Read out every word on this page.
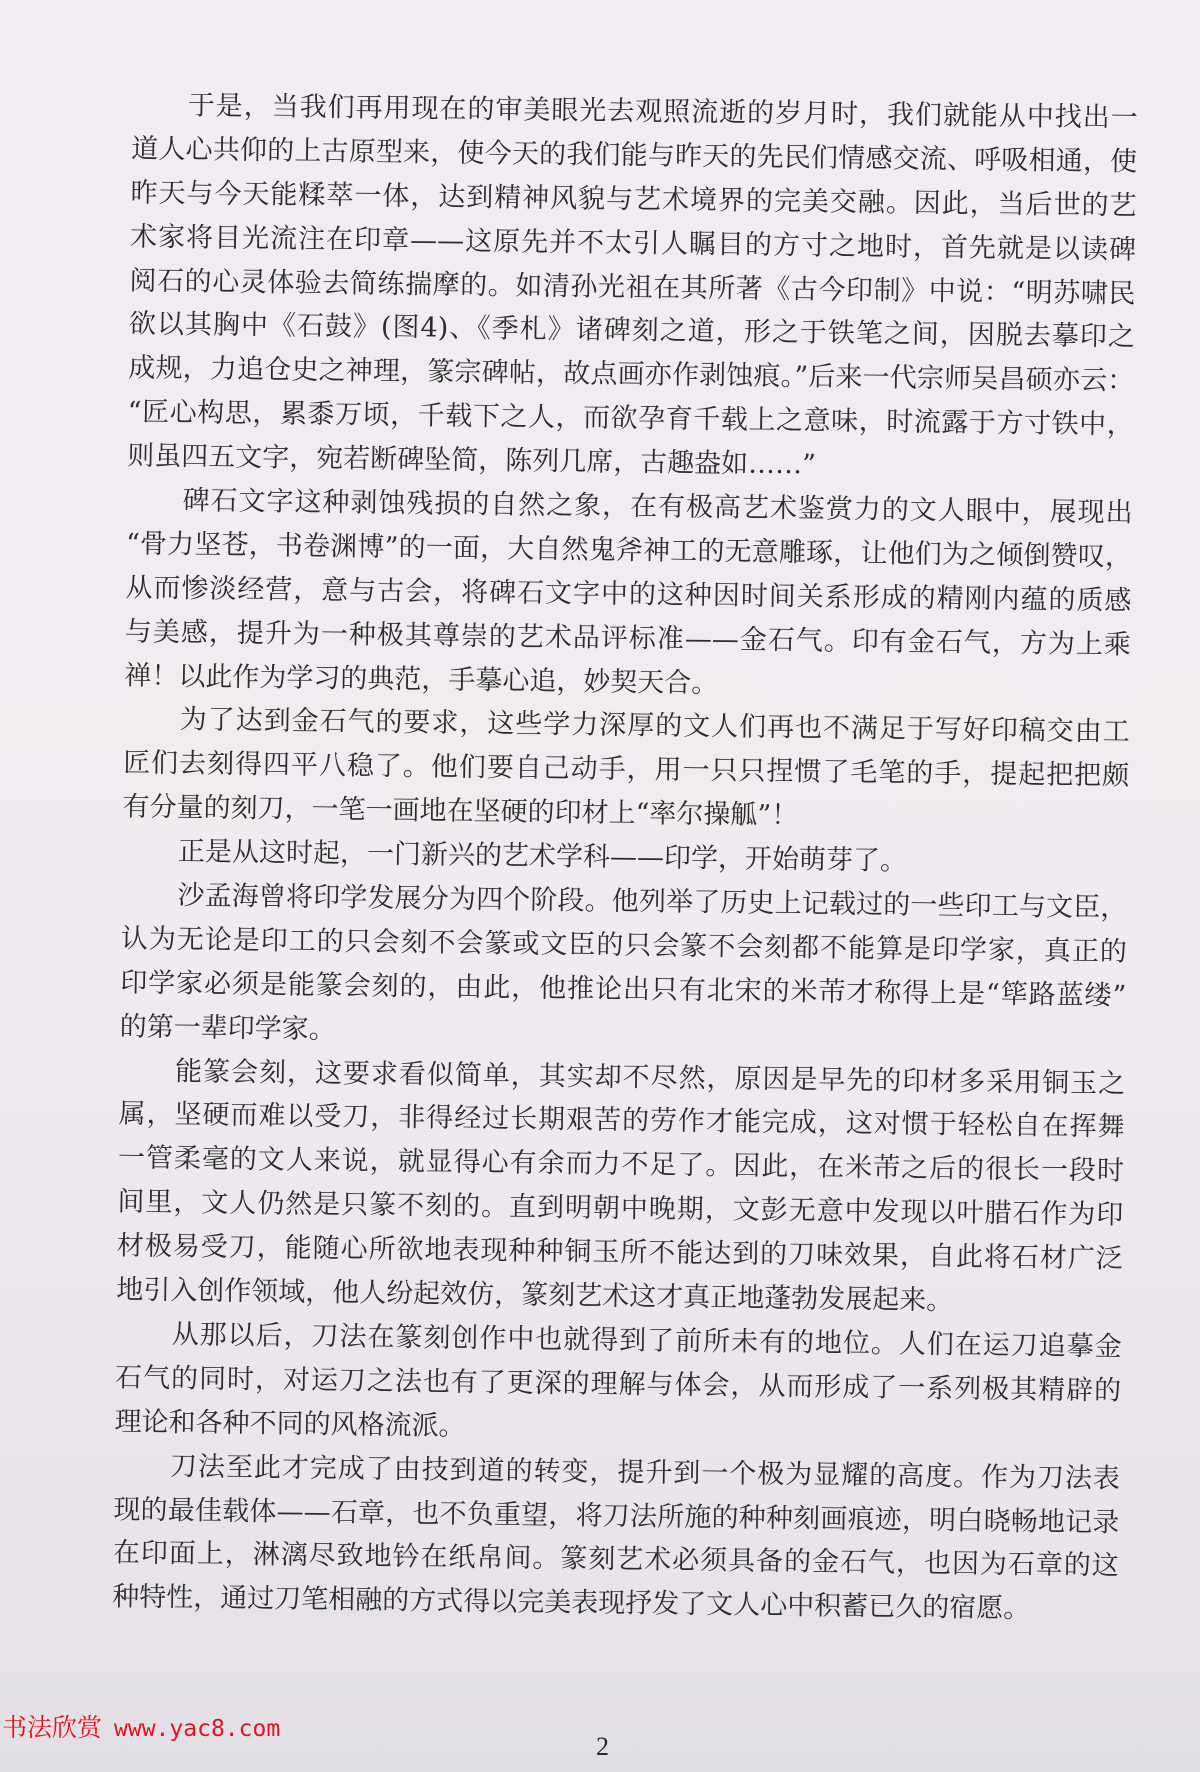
于是，当我们再用现在的审美眼光去观照流逝的岁月时，我们就能从中找出一
道人心共仰的上古原型来，使今天的我们能与昨天的先民们情感交流、呼吸相通，使
昨天与今天能糅萃一体，达到精神风貌与艺术境界的完美交融。因此，当后世的艺
术家将目光流注在印章——这原先并不太引人瞩目的方寸之地时，首先就是以读碑
阅石的心灵体验去简练揣摩的。如清孙光祖在其所著《古今印制》中说：“明苏啸民
欲以其胸中《石鼓》(图4)、《季札》诸碑刻之道，形之于铁笔之间，因脱去摹印之
成规，力追仓史之神理，篆宗碑帖，故点画亦作剥蚀痕。”后来一代宗师吴昌硕亦云：
“匠心构思，累黍万顷，千载下之人，而欲孕育千载上之意味，时流露于方寸铁中，
则虽四五文字，宛若断碑坠简，陈列几席，古趣盎如……”
碑石文字这种剥蚀残损的自然之象，在有极高艺术鉴赏力的文人眼中，展现出
“骨力坚苍，书卷渊博”的一面，大自然鬼斧神工的无意雕琢，让他们为之倾倒赞叹，
从而惨淡经营，意与古会，将碑石文字中的这种因时间关系形成的精刚内蕴的质感
与美感，提升为一种极其尊崇的艺术品评标准——金石气。印有金石气，方为上乘
禅！以此作为学习的典范，手摹心追，妙契天合。
为了达到金石气的要求，这些学力深厚的文人们再也不满足于写好印稿交由工
匠们去刻得四平八稳了。他们要自己动手，用一只只捏惯了毛笔的手，提起把把颇
有分量的刻刀，一笔一画地在坚硬的印材上“率尔操觚”！
正是从这时起，一门新兴的艺术学科——印学，开始萌芽了。
沙孟海曾将印学发展分为四个阶段。他列举了历史上记载过的一些印工与文臣，
认为无论是印工的只会刻不会篆或文臣的只会篆不会刻都不能算是印学家，真正的
印学家必须是能篆会刻的，由此，他推论出只有北宋的米芾才称得上是“筚路蓝缕”
的第一辈印学家。
能篆会刻，这要求看似简单，其实却不尽然，原因是早先的印材多采用铜玉之
属，坚硬而难以受刀，非得经过长期艰苦的劳作才能完成，这对惯于轻松自在挥舞
一管柔毫的文人来说，就显得心有余而力不足了。因此，在米芾之后的很长一段时
间里，文人仍然是只篆不刻的。直到明朝中晚期，文彭无意中发现以叶腊石作为印
材极易受刀，能随心所欲地表现种种铜玉所不能达到的刀味效果，自此将石材广泛
地引入创作领域，他人纷起效仿，篆刻艺术这才真正地蓬勃发展起来。
从那以后，刀法在篆刻创作中也就得到了前所未有的地位。人们在运刀追摹金
石气的同时，对运刀之法也有了更深的理解与体会，从而形成了一系列极其精辟的
理论和各种不同的风格流派。
刀法至此才完成了由技到道的转变，提升到一个极为显耀的高度。作为刀法表
现的最佳载体——石章，也不负重望，将刀法所施的种种刻画痕迹，明白晓畅地记录
在印面上，淋漓尽致地钤在纸帛间。篆刻艺术必须具备的金石气，也因为石章的这
种特性，通过刀笔相融的方式得以完美表现抒发了文人心中积蓄已久的宿愿。
书法欣赏 www.yac8.com
2
